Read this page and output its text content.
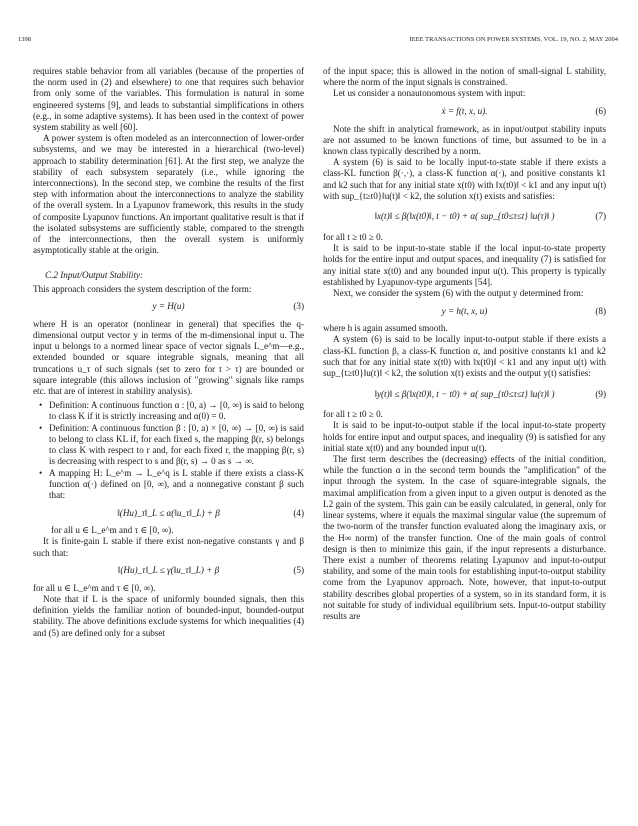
1398	IEEE TRANSACTIONS ON POWER SYSTEMS, VOL. 19, NO. 2, MAY 2004

requires stable behavior from all variables (because of the properties of the norm used in (2) and elsewhere) to one that requires such behavior from only some of the variables. This formulation is natural in some engineered systems [9], and leads to substantial simplifications in others (e.g., in some adaptive systems). It has been used in the context of power system stability as well [60].

A power system is often modeled as an interconnection of lower-order subsystems, and we may be interested in a hierarchical (two-level) approach to stability determination [61]. At the first step, we analyze the stability of each subsystem separately (i.e., while ignoring the interconnections). In the second step, we combine the results of the first step with information about the interconnections to analyze the stability of the overall system. In a Lyapunov framework, this results in the study of composite Lyapunov functions. An important qualitative result is that if the isolated subsystems are sufficiently stable, compared to the strength of the interconnections, then the overall system is uniformly asymptotically stable at the origin.

C.2 Input/Output Stability:

This approach considers the system description of the form:

y = H(u)	(3)

where H is an operator (nonlinear in general) that specifies the q-dimensional output vector y in terms of the m-dimensional input u. The input u belongs to a normed linear space of vector signals L_e^m—e.g., extended bounded or square integrable signals, meaning that all truncations u_τ of such signals (set to zero for t > τ) are bounded or square integrable (this allows inclusion of "growing" signals like ramps etc. that are of interest in stability analysis).

• Definition: A continuous function α : [0, a) → [0, ∞) is said to belong to class K if it is strictly increasing and α(0) = 0.

• Definition: A continuous function β : [0, a) × [0, ∞) → [0, ∞) is said to belong to class KL if, for each fixed s, the mapping β(r, s) belongs to class K with respect to r and, for each fixed r, the mapping β(r, s) is decreasing with respect to s and β(r, s) → 0 as s → ∞.

• A mapping H: L_e^m → L_e^q is L stable if there exists a class-K function α(·) defined on [0, ∞), and a nonnegative constant β such that:

‖(Hu)_τ‖_L ≤ α(‖u_τ‖_L) + β	(4)

for all u ∈ L_e^m and τ ∈ [0, ∞).

It is finite-gain L stable if there exist non-negative constants γ and β such that:

‖(Hu)_τ‖_L ≤ γ(‖u_τ‖_L) + β	(5)

for all u ∈ L_e^m and τ ∈ [0, ∞).

Note that if L is the space of uniformly bounded signals, then this definition yields the familiar notion of bounded-input, bounded-output stability. The above definitions exclude systems for which inequalities (4) and (5) are defined only for a subset

of the input space; this is allowed in the notion of small-signal L stability, where the norm of the input signals is constrained.

Let us consider a nonautonomous system with input:

ẋ = f(t, x, u).	(6)

Note the shift in analytical framework, as in input/output stability inputs are not assumed to be known functions of time, but assumed to be in a known class typically described by a norm.

A system (6) is said to be locally input-to-state stable if there exists a class-KL function β(·,·), a class-K function α(·), and positive constants k1 and k2 such that for any initial state x(t0) with ‖x(t0)‖ < k1 and any input u(t) with sup_{t≥t0}‖u(t)‖ < k2, the solution x(t) exists and satisfies:

‖x(t)‖ ≤ β(‖x(t0)‖, t − t0) + α( sup_{t0≤τ≤t} ‖u(τ)‖ )	(7)

for all t ≥ t0 ≥ 0.

It is said to be input-to-state stable if the local input-to-state property holds for the entire input and output spaces, and inequality (7) is satisfied for any initial state x(t0) and any bounded input u(t). This property is typically established by Lyapunov-type arguments [54].

Next, we consider the system (6) with the output y determined from:

y = h(t, x, u)	(8)

where h is again assumed smooth.

A system (6) is said to be locally input-to-output stable if there exists a class-KL function β, a class-K function α, and positive constants k1 and k2 such that for any initial state x(t0) with ‖x(t0)‖ < k1 and any input u(t) with sup_{t≥t0}‖u(t)‖ < k2, the solution x(t) exists and the output y(t) satisfies:

‖y(t)‖ ≤ β(‖x(t0)‖, t − t0) + α( sup_{t0≤τ≤t} ‖u(τ)‖ )	(9)

for all t ≥ t0 ≥ 0.

It is said to be input-to-output stable if the local input-to-state property holds for entire input and output spaces, and inequality (9) is satisfied for any initial state x(t0) and any bounded input u(t).

The first term describes the (decreasing) effects of the initial condition, while the function α in the second term bounds the "amplification" of the input through the system. In the case of square-integrable signals, the maximal amplification from a given input to a given output is denoted as the L2 gain of the system. This gain can be easily calculated, in general, only for linear systems, where it equals the maximal singular value (the supremum of the two-norm of the transfer function evaluated along the imaginary axis, or the H∞ norm) of the transfer function. One of the main goals of control design is then to minimize this gain, if the input represents a disturbance. There exist a number of theorems relating Lyapunov and input-to-output stability, and some of the main tools for establishing input-to-output stability come from the Lyapunov approach. Note, however, that input-to-output stability describes global properties of a system, so in its standard form, it is not suitable for study of individual equilibrium sets. Input-to-output stability results are
